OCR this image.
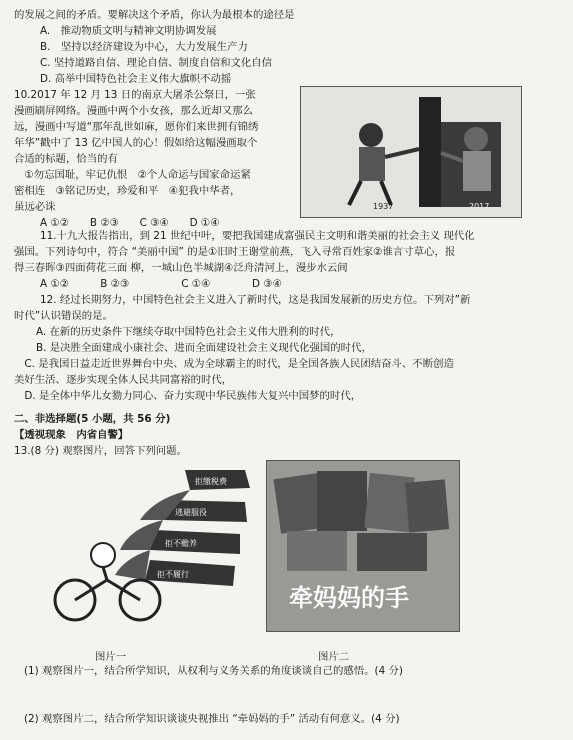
的发展之间的矛盾。要解决这个矛盾，你认为最根本的途径是
A.　推动物质文明与精神文明协调发展
B.　坚持以经济建设为中心，大力发展生产力
C. 坚持道路自信、理论自信、制度自信和文化自信
D. 高举中国特色社会主义伟大旗帜不动摇
10.2017 年 12 月 13 日的南京大屠杀公祭日，一张
漫画刷屏网络。漫画中两个小女孩，那么近却又那么
远，漫画中写道“那年乱世如麻，愿你们来世拥有锦绣
年华”戳中了 13 亿中国人的心！假如给这幅漫画取个
合适的标题，恰当的有
　①勿忘国耻，牢记仇恨　②个人命运与国家命运紧
密相连　③铭记历史，珍爱和平　④犯我中华者，
虽远必诛
A ①②　　B ②③　　C ③④　　D ①④
1937	2017
11.十九大报告指出，到 21 世纪中叶，要把我国建成富强民主文明和谐美丽的社会主义 现代化
强国。下列诗句中，符合 “美丽中国” 的是①旧时王谢堂前燕，飞入寻常百姓家②谁言寸草心，报
得三春晖③四面荷花三面 柳，一城山色半城湖④泛舟清河上，漫步水云间
A ①②　　　B ②③　　　　　C ①④　　　　D ③④
12. 经过长期努力，中国特色社会主义进入了新时代，这是我国发展新的历史方位。下列对”新
时代”认识错误的是。
A. 在新的历史条件下继续夺取中国特色社会主义伟大胜利的时代，
B. 是决胜全面建成小康社会、进而全面建设社会主义现代化强国的时代，
　C. 是我国日益走近世界舞台中央、成为全球霸主的时代，是全国各族人民团结奋斗、不断创造
美好生活、逐步实现全体人民共同富裕的时代，
　D. 是全体中华儿女勠力同心、奋力实现中华民族伟大复兴中国梦的时代，
二、非选择题(5 小题，共 56 分)
【透视现象　内省自警】
13.(8 分) 观察图片，回答下列问题。
拒缴税费
逃避服役
拒不赡养
拒不履行
图片一
牵妈妈的手
图片二
(1) 观察图片一，结合所学知识，从权利与义务关系的角度谈谈自己的感悟。(4 分)
(2) 观察图片二，结合所学知识谈谈央视推出 “牵妈妈的手” 活动有何意义。(4 分)
